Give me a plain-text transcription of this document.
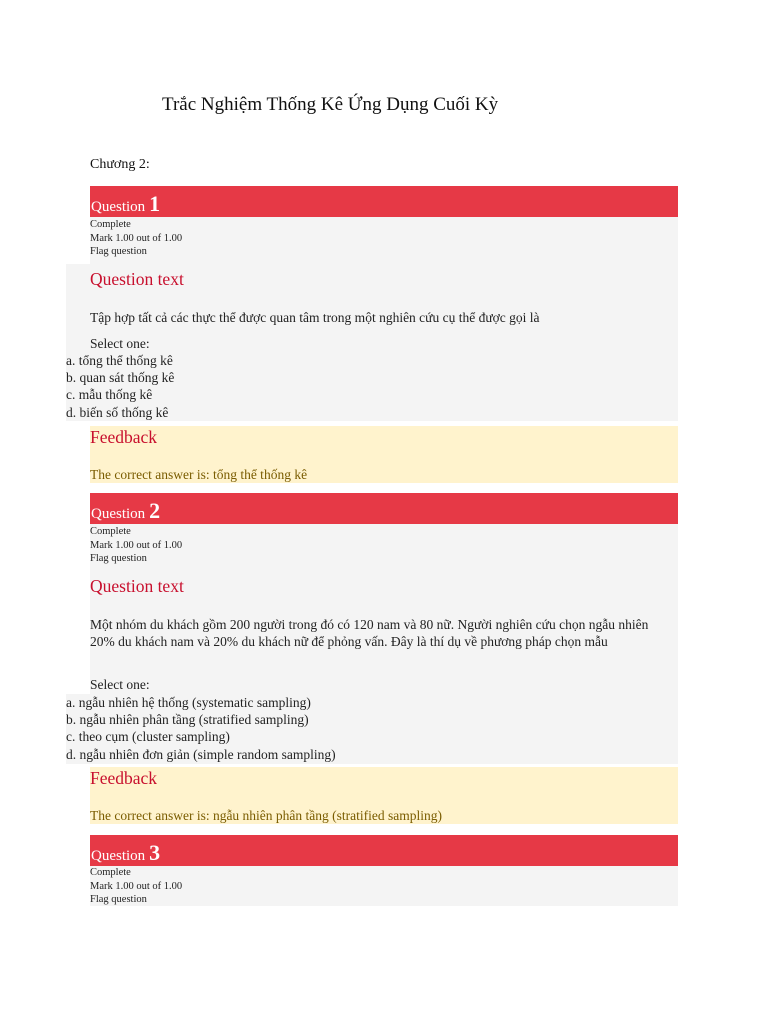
Trắc Nghiệm Thống Kê Ứng Dụng Cuối Kỳ
Chương 2:
Question 1
Complete
Mark 1.00 out of 1.00
Flag question
Question text
Tập hợp tất cả các thực thể được quan tâm trong một nghiên cứu cụ thể được gọi là
Select one:
a. tổng thể thống kê
b. quan sát thống kê
c. mẫu thống kê
d. biến số thống kê
Feedback
The correct answer is: tổng thể thống kê
Question 2
Complete
Mark 1.00 out of 1.00
Flag question
Question text
Một nhóm du khách gồm 200 người trong đó có 120 nam và 80 nữ. Người nghiên cứu chọn ngẫu nhiên 20% du khách nam và 20% du khách nữ để phỏng vấn. Đây là thí dụ về phương pháp chọn mẫu
Select one:
a. ngẫu nhiên hệ thống (systematic sampling)
b. ngẫu nhiên phân tầng (stratified sampling)
c. theo cụm (cluster sampling)
d. ngẫu nhiên đơn giản (simple random sampling)
Feedback
The correct answer is: ngẫu nhiên phân tầng (stratified sampling)
Question 3
Complete
Mark 1.00 out of 1.00
Flag question
